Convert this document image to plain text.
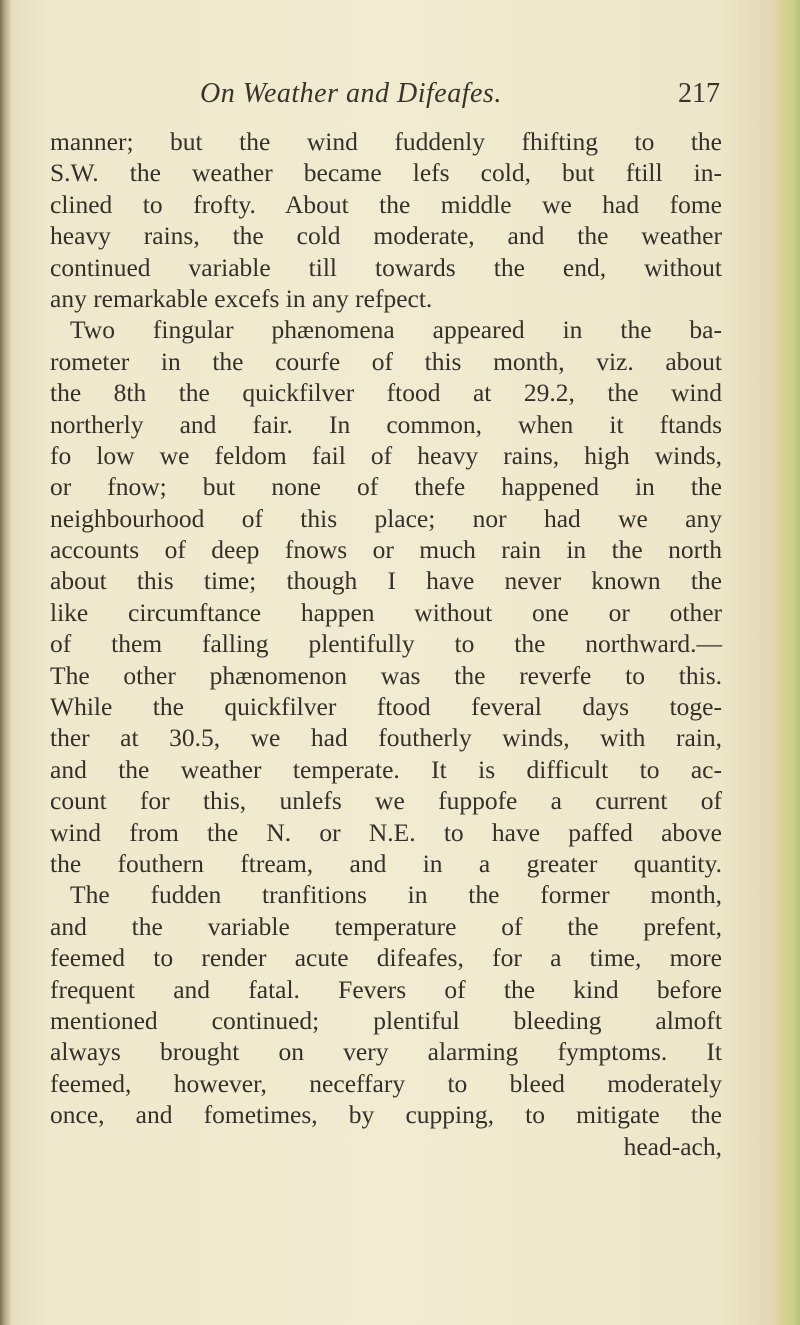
On Weather and Difeafes.	217
manner; but the wind fuddenly fhifting to the
S.W. the weather became lefs cold, but ftill in-
clined to frofty. About the middle we had fome
heavy rains, the cold moderate, and the weather
continued variable till towards the end, without
any remarkable excefs in any refpect.
Two fingular phænomena appeared in the ba-
rometer in the courfe of this month, viz. about
the 8th the quickfilver ftood at 29.2, the wind
northerly and fair. In common, when it ftands
fo low we feldom fail of heavy rains, high winds,
or fnow; but none of thefe happened in the
neighbourhood of this place; nor had we any
accounts of deep fnows or much rain in the north
about this time; though I have never known the
like circumftance happen without one or other
of them falling plentifully to the northward.—
The other phænomenon was the reverfe to this.
While the quickfilver ftood feveral days toge-
ther at 30.5, we had foutherly winds, with rain,
and the weather temperate. It is difficult to ac-
count for this, unlefs we fuppofe a current of
wind from the N. or N.E. to have paffed above
the fouthern ftream, and in a greater quantity.
The fudden tranfitions in the former month,
and the variable temperature of the prefent,
feemed to render acute difeafes, for a time, more
frequent and fatal. Fevers of the kind before
mentioned continued; plentiful bleeding almoft
always brought on very alarming fymptoms. It
feemed, however, neceffary to bleed moderately
once, and fometimes, by cupping, to mitigate the
head-ach,
